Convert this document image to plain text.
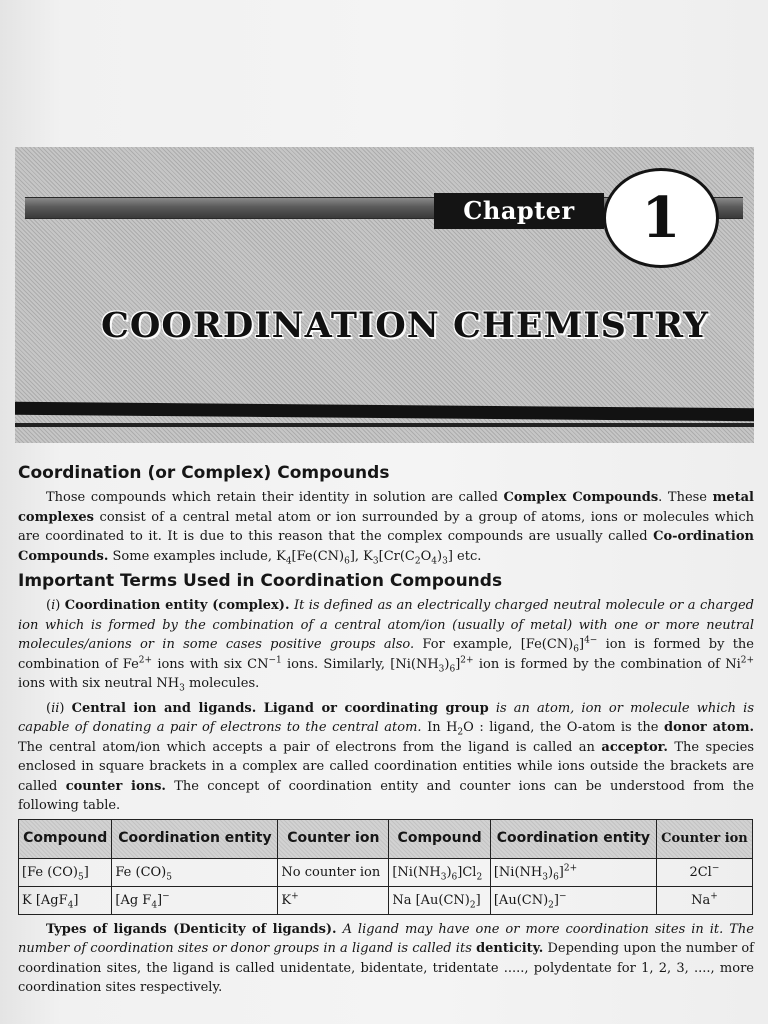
Chapter	1
COORDINATION CHEMISTRY
Coordination (or Complex) Compounds

Those compounds which retain their identity in solution are called Complex Compounds. These metal complexes consist of a central metal atom or ion surrounded by a group of atoms, ions or molecules which are coordinated to it. It is due to this reason that the complex compounds are usually called Co-ordination Compounds. Some examples include, $K_4[Fe(CN)_6]$, $K_3[Cr(C_2O_4)_3]$ etc.

Important Terms Used in Coordination Compounds

(i) Coordination entity (complex). It is defined as an electrically charged neutral molecule or a charged ion which is formed by the combination of a central atom/ion (usually of metal) with one or more neutral molecules/anions or in some cases positive groups also. For example, $[Fe(CN)_6]^{4-}$ ion is formed by the combination of $Fe^{2+}$ ions with six $CN^{-1}$ ions. Similarly, $[Ni(NH_3)_6]^{2+}$ ion is formed by the combination of $Ni^{2+}$ ions with six neutral $NH_3$ molecules.

(ii) Central ion and ligands. Ligand or coordinating group is an atom, ion or molecule which is capable of donating a pair of electrons to the central atom. In $H_2O$ : ligand, the O-atom is the donor atom. The central atom/ion which accepts a pair of electrons from the ligand is called an acceptor. The species enclosed in square brackets in a complex are called coordination entities while ions outside the brackets are called counter ions. The concept of coordination entity and counter ions can be understood from the following table.

Compound	Coordination entity	Counter ion	Compound	Coordination entity	Counter ion
[Fe $(CO)_5$]	Fe $(CO)_5$	No counter ion	$[Ni(NH_3)_6]Cl_2$	$[Ni(NH_3)_6]^{2+}$	2Cl−
K [AgF$_4$]	[Ag $F_4]^-$	K+	Na $[Au(CN)_2]$	$[Au(CN)_2]^-$	Na+

Types of ligands (Denticity of ligands). A ligand may have one or more coordination sites in it. The number of coordination sites or donor groups in a ligand is called its denticity. Depending upon the number of coordination sites, the ligand is called unidentate, bidentate, tridentate ....., polydentate for 1, 2, 3, ...., more coordination sites respectively.
